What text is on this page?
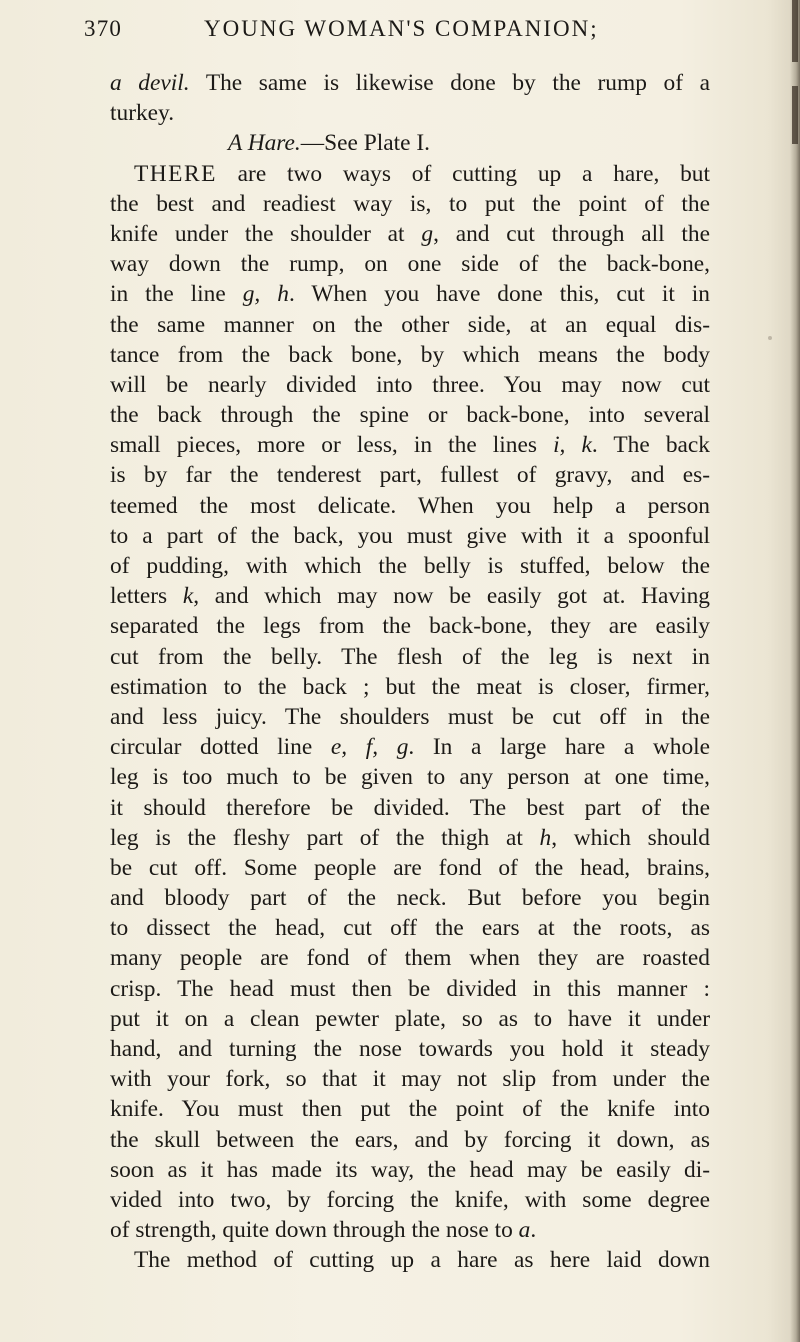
370	YOUNG WOMAN'S COMPANION;
a devil. The same is likewise done by the rump of a
turkey.
A Hare.—See Plate I.
THERE are two ways of cutting up a hare, but
the best and readiest way is, to put the point of the
knife under the shoulder at g, and cut through all the
way down the rump, on one side of the back-bone,
in the line g, h. When you have done this, cut it in
the same manner on the other side, at an equal dis-
tance from the back bone, by which means the body
will be nearly divided into three. You may now cut
the back through the spine or back-bone, into several
small pieces, more or less, in the lines i, k. The back
is by far the tenderest part, fullest of gravy, and es-
teemed the most delicate. When you help a person
to a part of the back, you must give with it a spoonful
of pudding, with which the belly is stuffed, below the
letters k, and which may now be easily got at. Having
separated the legs from the back-bone, they are easily
cut from the belly. The flesh of the leg is next in
estimation to the back ; but the meat is closer, firmer,
and less juicy. The shoulders must be cut off in the
circular dotted line e, f, g. In a large hare a whole
leg is too much to be given to any person at one time,
it should therefore be divided. The best part of the
leg is the fleshy part of the thigh at h, which should
be cut off. Some people are fond of the head, brains,
and bloody part of the neck. But before you begin
to dissect the head, cut off the ears at the roots, as
many people are fond of them when they are roasted
crisp. The head must then be divided in this manner :
put it on a clean pewter plate, so as to have it under
hand, and turning the nose towards you hold it steady
with your fork, so that it may not slip from under the
knife. You must then put the point of the knife into
the skull between the ears, and by forcing it down, as
soon as it has made its way, the head may be easily di-
vided into two, by forcing the knife, with some degree
of strength, quite down through the nose to a.
The method of cutting up a hare as here laid down
